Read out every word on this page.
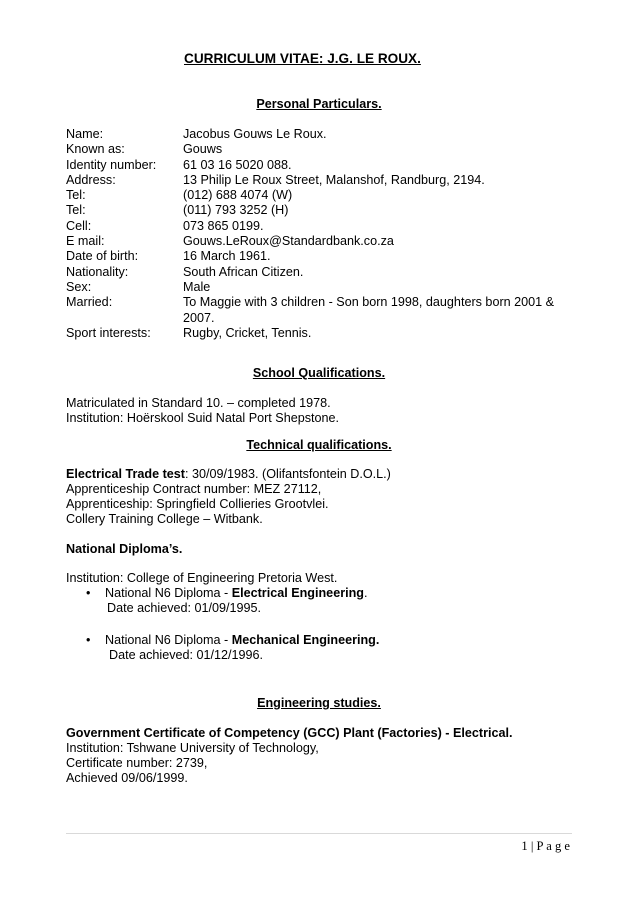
CURRICULUM VITAE: J.G. LE ROUX.
Personal Particulars.
Name:	Jacobus Gouws Le Roux.
Known as:	Gouws
Identity number:	61 03 16 5020 088.
Address:	13 Philip Le Roux Street, Malanshof, Randburg, 2194.
Tel:	(012) 688 4074 (W)
Tel:	(011) 793 3252 (H)
Cell:	073 865 0199.
E mail:	Gouws.LeRoux@Standardbank.co.za
Date of birth:	16 March 1961.
Nationality:	South African Citizen.
Sex:	Male
Married:	To Maggie with 3 children - Son born 1998, daughters born 2001 & 2007.
Sport interests:	Rugby, Cricket, Tennis.
School Qualifications.
Matriculated in Standard 10. – completed 1978.
Institution: Hoërskool Suid Natal Port Shepstone.
Technical qualifications.
Electrical Trade test: 30/09/1983. (Olifantsfontein D.O.L.)
Apprenticeship Contract number: MEZ 27112,
Apprenticeship: Springfield Collieries Grootvlei.
Collery Training College – Witbank.
National Diploma’s.
Institution: College of Engineering Pretoria West.
• National N6 Diploma - Electrical Engineering.
Date achieved: 01/09/1995.
• National N6 Diploma - Mechanical Engineering.
Date achieved: 01/12/1996.
Engineering studies.
Government Certificate of Competency (GCC) Plant (Factories) - Electrical.
Institution: Tshwane University of Technology,
Certificate number: 2739,
Achieved 09/06/1999.
1 | P a g e
